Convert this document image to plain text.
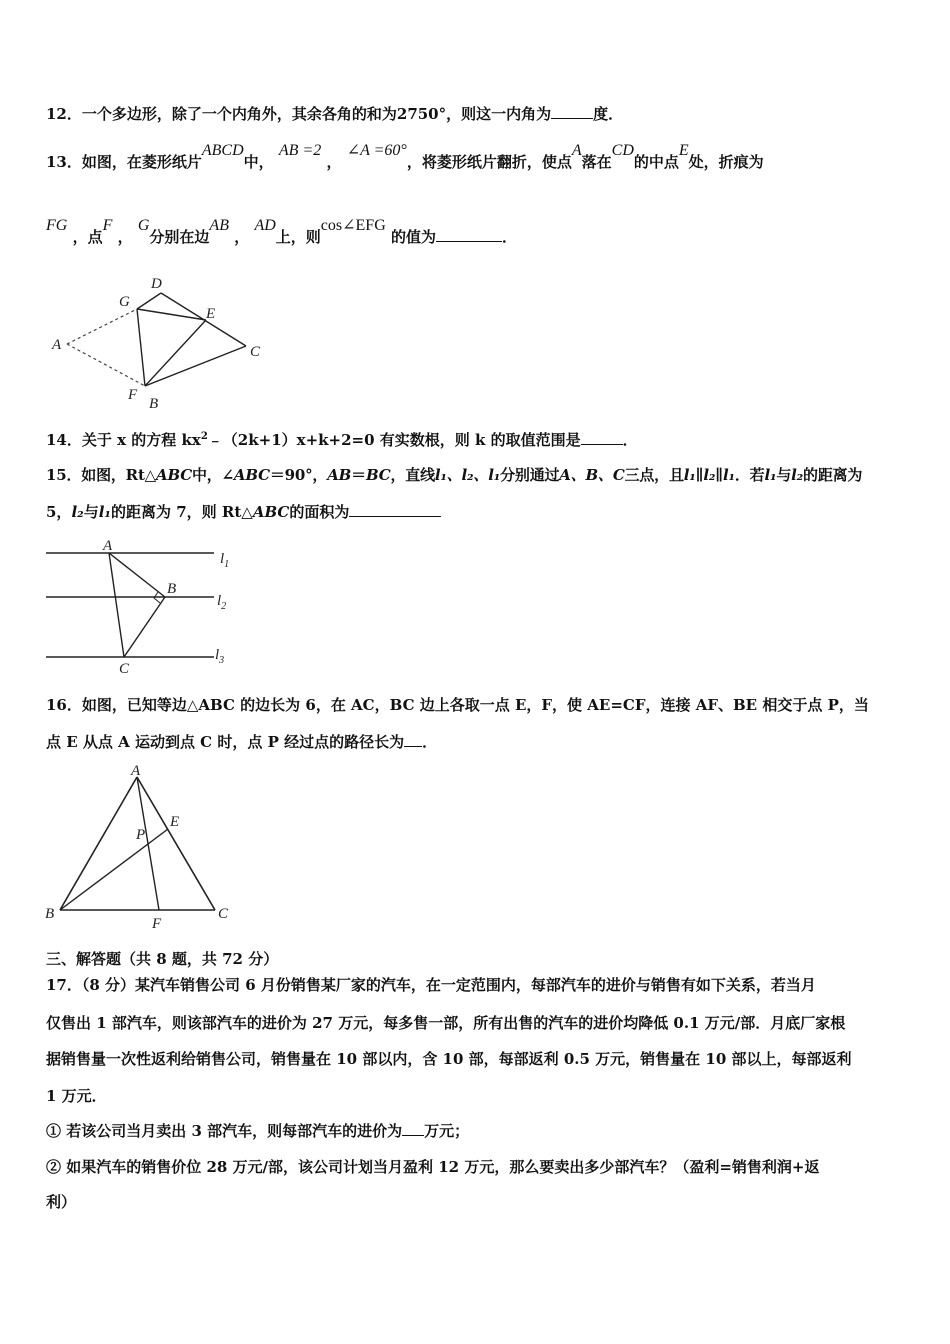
12．一个多边形，除了一个内角外，其余各角的和为2750°，则这一内角为	度．
13．如图，在菱形纸片ABCD中， AB =2 ， ∠A =60°，将菱形纸片翻折，使点A落在CD的中点E处，折痕为
FG ，点F ， G分别在边AB ， AD上，则cos∠EFG 的值为	．
A
D
G
E
C
F
B
14．关于 x 的方程 $kx^2﹣(2k+1)x+k+2=0$ 有实数根，则 k 的取值范围是	．
15．如图，Rt△ABC中，∠ABC＝90°，AB＝BC，直线l₁、l₂、l₁分别通过A、B、C三点，且l₁∥l₂∥l₁．若l₁与l₂的距离为
5，l₂与l₁的距离为 7，则 Rt△ABC的面积为
A
B
C
$l_1$
$l_2$
$l_3$
16．如图，已知等边△ABC 的边长为 6，在 AC，BC 边上各取一点 E，F，使 AE=CF，连接 AF、BE 相交于点 P，当
点 E 从点 A 运动到点 C 时，点 P 经过点的路径长为 ．
A
E
P
B
F
C
三、解答题（共 8 题，共 72 分）
17．（8 分）某汽车销售公司 6 月份销售某厂家的汽车，在一定范围内，每部汽车的进价与销售有如下关系，若当月
仅售出 1 部汽车，则该部汽车的进价为 27 万元，每多售一部，所有出售的汽车的进价均降低 0.1 万元/部．月底厂家根
据销售量一次性返利给销售公司，销售量在 10 部以内，含 10 部，每部返利 0.5 万元，销售量在 10 部以上，每部返利
1 万元．
① 若该公司当月卖出 3 部汽车，则每部汽车的进价为 万元；
② 如果汽车的销售价位 28 万元/部，该公司计划当月盈利 12 万元，那么要卖出多少部汽车？（盈利=销售利润+返
利）
